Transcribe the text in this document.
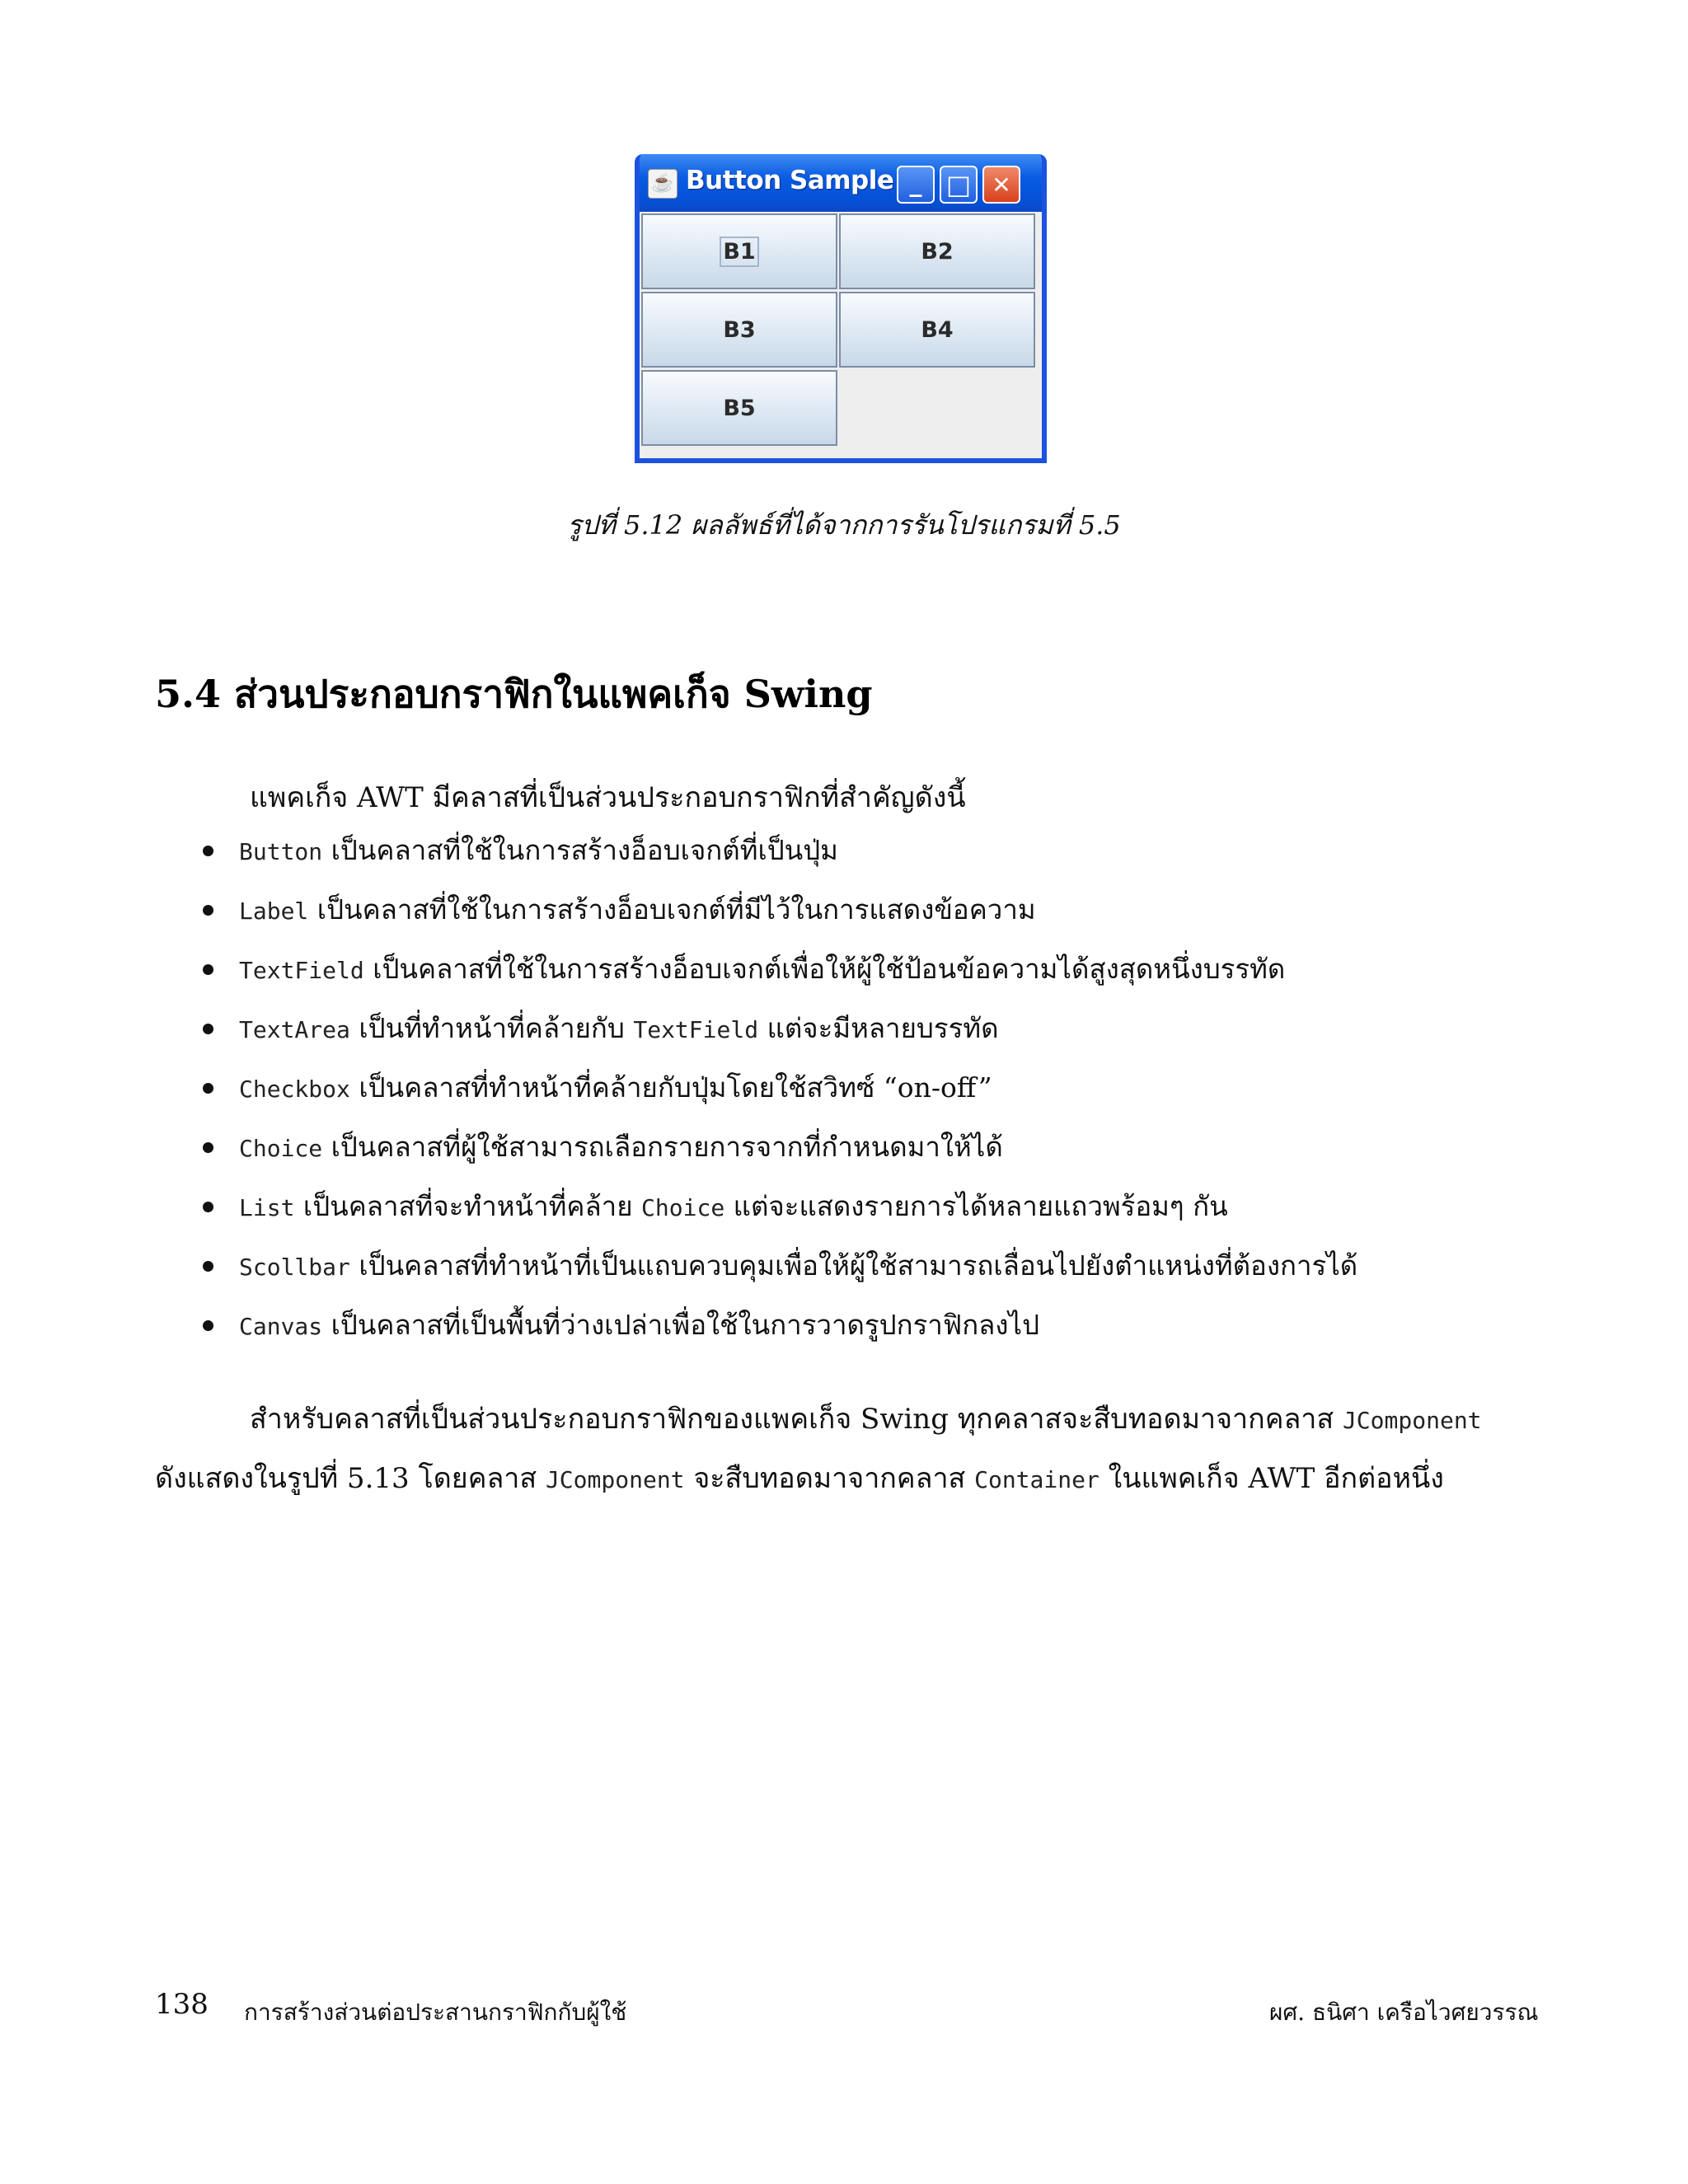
☕ Button Sample _ □ ✕
B1	B2
B3	B4
B5
รูปที่ 5.12 ผลลัพธ์ที่ได้จากการรันโปรแกรมที่ 5.5
5.4 ส่วนประกอบกราฟิกในแพคเก็จ Swing
แพคเก็จ AWT มีคลาสที่เป็นส่วนประกอบกราฟิกที่สำคัญดังนี้
Button เป็นคลาสที่ใช้ในการสร้างอ็อบเจกต์ที่เป็นปุ่ม
Label เป็นคลาสที่ใช้ในการสร้างอ็อบเจกต์ที่มีไว้ในการแสดงข้อความ
TextField เป็นคลาสที่ใช้ในการสร้างอ็อบเจกต์เพื่อให้ผู้ใช้ป้อนข้อความได้สูงสุดหนึ่งบรรทัด
TextArea เป็นที่ทำหน้าที่คล้ายกับ TextField แต่จะมีหลายบรรทัด
Checkbox เป็นคลาสที่ทำหน้าที่คล้ายกับปุ่มโดยใช้สวิทซ์ “on-off”
Choice เป็นคลาสที่ผู้ใช้สามารถเลือกรายการจากที่กำหนดมาให้ได้
List เป็นคลาสที่จะทำหน้าที่คล้าย Choice แต่จะแสดงรายการได้หลายแถวพร้อมๆ กัน
Scollbar เป็นคลาสที่ทำหน้าที่เป็นแถบควบคุมเพื่อให้ผู้ใช้สามารถเลื่อนไปยังตำแหน่งที่ต้องการได้
Canvas เป็นคลาสที่เป็นพื้นที่ว่างเปล่าเพื่อใช้ในการวาดรูปกราฟิกลงไป
สำหรับคลาสที่เป็นส่วนประกอบกราฟิกของแพคเก็จ Swing ทุกคลาสจะสืบทอดมาจากคลาส JComponent
ดังแสดงในรูปที่ 5.13 โดยคลาส JComponent จะสืบทอดมาจากคลาส Container ในแพคเก็จ AWT อีกต่อหนึ่ง
138 การสร้างส่วนต่อประสานกราฟิกกับผู้ใช้	ผศ. ธนิศา เครือไวศยวรรณ
